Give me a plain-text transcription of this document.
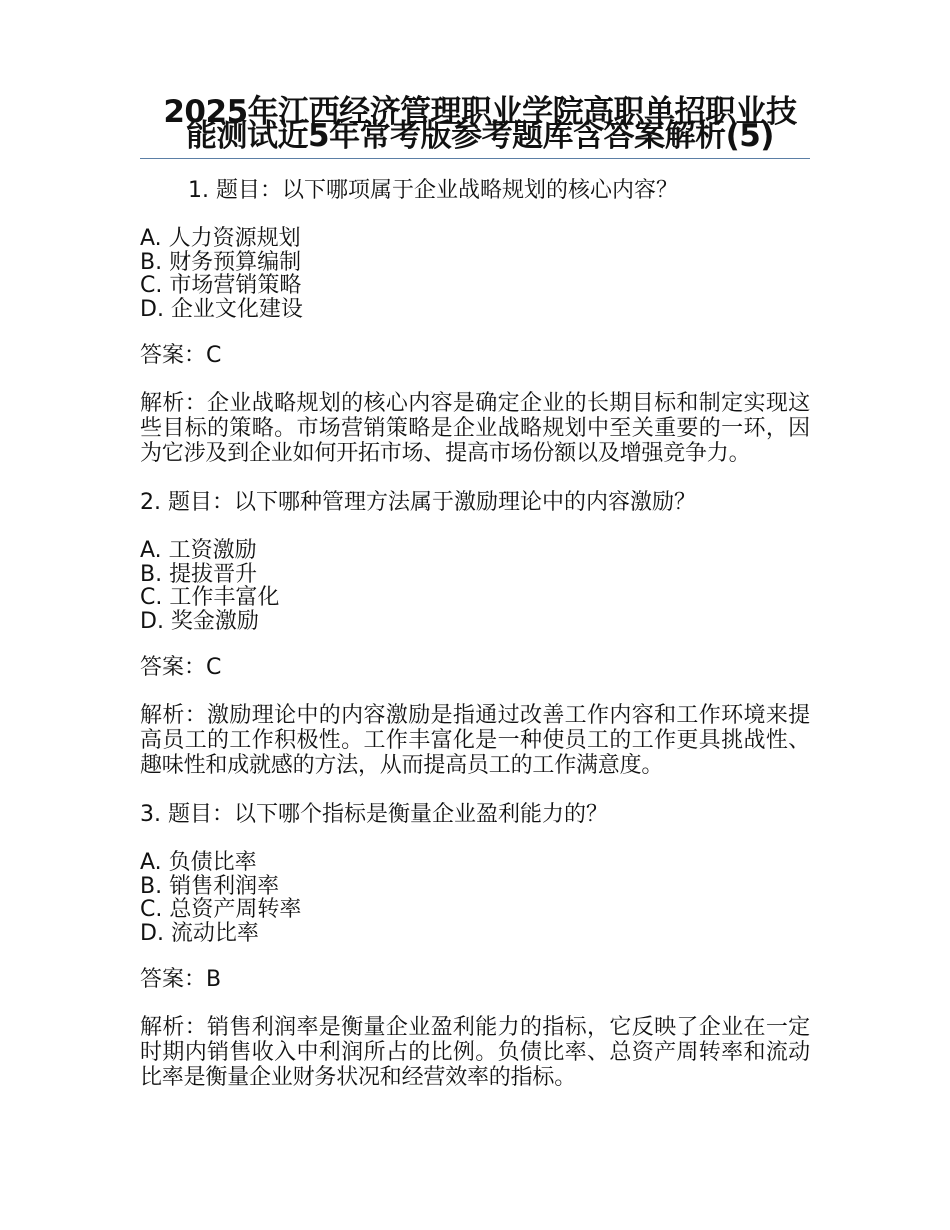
2025年江西经济管理职业学院高职单招职业技能测试近5年常考版参考题库含答案解析(5)

1. 题目：以下哪项属于企业战略规划的核心内容？

A. 人力资源规划
B. 财务预算编制
C. 市场营销策略
D. 企业文化建设

答案：C

解析：企业战略规划的核心内容是确定企业的长期目标和制定实现这些目标的策略。市场营销策略是企业战略规划中至关重要的一环，因为它涉及到企业如何开拓市场、提高市场份额以及增强竞争力。

2. 题目：以下哪种管理方法属于激励理论中的内容激励？

A. 工资激励
B. 提拔晋升
C. 工作丰富化
D. 奖金激励

答案：C

解析：激励理论中的内容激励是指通过改善工作内容和工作环境来提高员工的工作积极性。工作丰富化是一种使员工的工作更具挑战性、趣味性和成就感的方法，从而提高员工的工作满意度。

3. 题目：以下哪个指标是衡量企业盈利能力的？

A. 负债比率
B. 销售利润率
C. 总资产周转率
D. 流动比率

答案：B

解析：销售利润率是衡量企业盈利能力的指标，它反映了企业在一定时期内销售收入中利润所占的比例。负债比率、总资产周转率和流动比率是衡量企业财务状况和经营效率的指标。
